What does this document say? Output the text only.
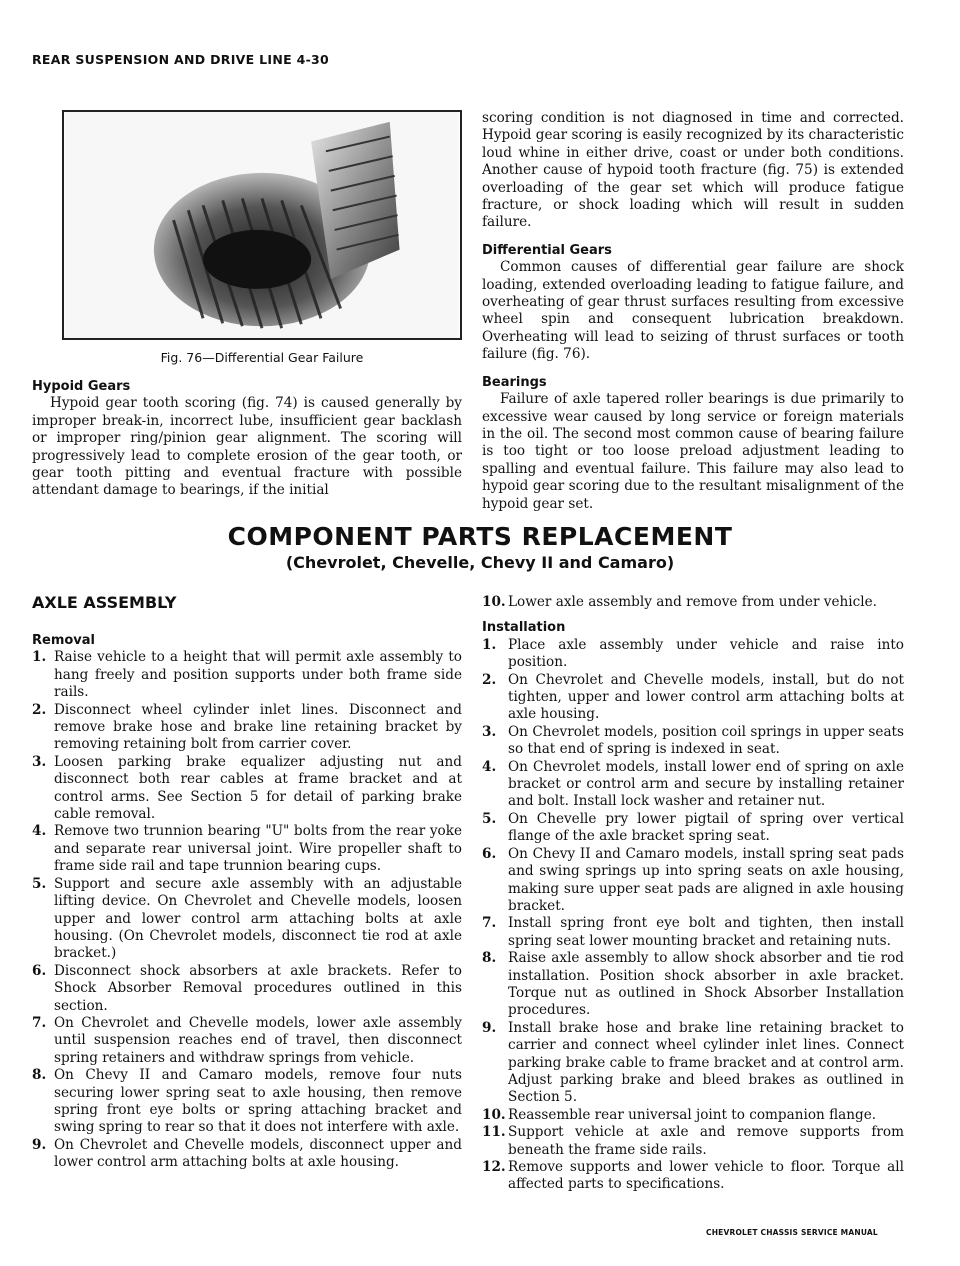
REAR SUSPENSION AND DRIVE LINE 4-30
Fig. 76—Differential Gear Failure

Hypoid Gears

Hypoid gear tooth scoring (fig. 74) is caused generally by improper break-in, incorrect lube, insufficient gear backlash or improper ring/pinion gear alignment. The scoring will progressively lead to complete erosion of the gear tooth, or gear tooth pitting and eventual fracture with possible attendant damage to bearings, if the initial

scoring condition is not diagnosed in time and corrected. Hypoid gear scoring is easily recognized by its characteristic loud whine in either drive, coast or under both conditions. Another cause of hypoid tooth fracture (fig. 75) is extended overloading of the gear set which will produce fatigue fracture, or shock loading which will result in sudden failure.

Differential Gears

Common causes of differential gear failure are shock loading, extended overloading leading to fatigue failure, and overheating of gear thrust surfaces resulting from excessive wheel spin and consequent lubrication breakdown. Overheating will lead to seizing of thrust surfaces or tooth failure (fig. 76).

Bearings

Failure of axle tapered roller bearings is due primarily to excessive wear caused by long service or foreign materials in the oil. The second most common cause of bearing failure is too tight or too loose preload adjustment leading to spalling and eventual failure. This failure may also lead to hypoid gear scoring due to the resultant misalignment of the hypoid gear set.

COMPONENT PARTS REPLACEMENT
(Chevrolet, Chevelle, Chevy II and Camaro)
AXLE ASSEMBLY

Removal

1. Raise vehicle to a height that will permit axle assembly to hang freely and position supports under both frame side rails.
2. Disconnect wheel cylinder inlet lines. Disconnect and remove brake hose and brake line retaining bracket by removing retaining bolt from carrier cover.
3. Loosen parking brake equalizer adjusting nut and disconnect both rear cables at frame bracket and at control arms. See Section 5 for detail of parking brake cable removal.
4. Remove two trunnion bearing "U" bolts from the rear yoke and separate rear universal joint. Wire propeller shaft to frame side rail and tape trunnion bearing cups.
5. Support and secure axle assembly with an adjustable lifting device. On Chevrolet and Chevelle models, loosen upper and lower control arm attaching bolts at axle housing. (On Chevrolet models, disconnect tie rod at axle bracket.)
6. Disconnect shock absorbers at axle brackets. Refer to Shock Absorber Removal procedures outlined in this section.
7. On Chevrolet and Chevelle models, lower axle assembly until suspension reaches end of travel, then disconnect spring retainers and withdraw springs from vehicle.
8. On Chevy II and Camaro models, remove four nuts securing lower spring seat to axle housing, then remove spring front eye bolts or spring attaching bracket and swing spring to rear so that it does not interfere with axle.
9. On Chevrolet and Chevelle models, disconnect upper and lower control arm attaching bolts at axle housing.
10. Lower axle assembly and remove from under vehicle.

Installation

1. Place axle assembly under vehicle and raise into position.
2. On Chevrolet and Chevelle models, install, but do not tighten, upper and lower control arm attaching bolts at axle housing.
3. On Chevrolet models, position coil springs in upper seats so that end of spring is indexed in seat.
4. On Chevrolet models, install lower end of spring on axle bracket or control arm and secure by installing retainer and bolt. Install lock washer and retainer nut.
5. On Chevelle pry lower pigtail of spring over vertical flange of the axle bracket spring seat.
6. On Chevy II and Camaro models, install spring seat pads and swing springs up into spring seats on axle housing, making sure upper seat pads are aligned in axle housing bracket.
7. Install spring front eye bolt and tighten, then install spring seat lower mounting bracket and retaining nuts.
8. Raise axle assembly to allow shock absorber and tie rod installation. Position shock absorber in axle bracket. Torque nut as outlined in Shock Absorber Installation procedures.
9. Install brake hose and brake line retaining bracket to carrier and connect wheel cylinder inlet lines. Connect parking brake cable to frame bracket and at control arm. Adjust parking brake and bleed brakes as outlined in Section 5.
10. Reassemble rear universal joint to companion flange.
11. Support vehicle at axle and remove supports from beneath the frame side rails.
12. Remove supports and lower vehicle to floor. Torque all affected parts to specifications.
CHEVROLET CHASSIS SERVICE MANUAL
